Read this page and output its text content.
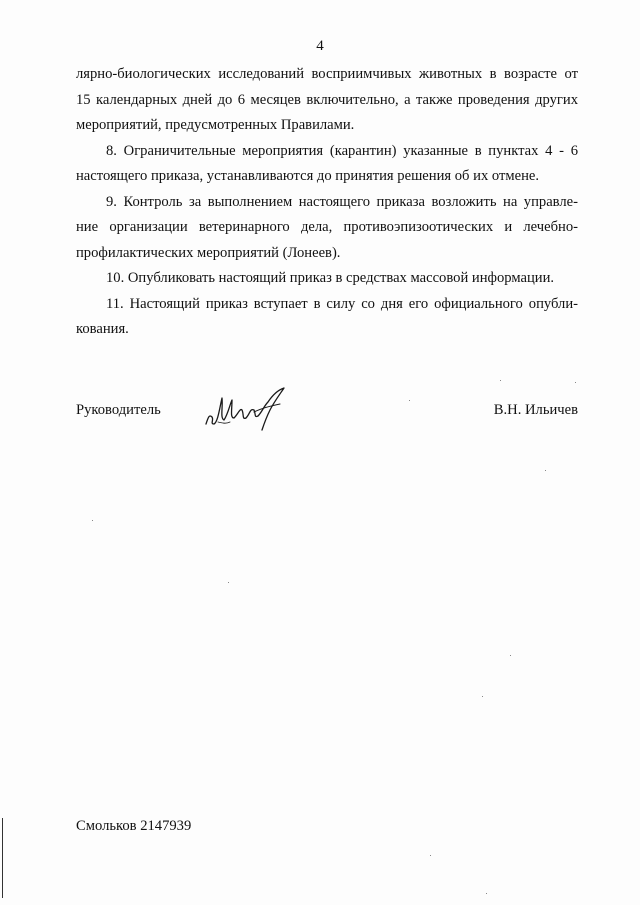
4

лярно-биологических исследований восприимчивых животных в возрасте от
15 календарных дней до 6 месяцев включительно, а также проведения других
мероприятий, предусмотренных Правилами.

8. Ограничительные мероприятия (карантин) указанные в пунктах 4 - 6
настоящего приказа, устанавливаются до принятия решения об их отмене.

9. Контроль за выполнением настоящего приказа возложить на управле-
ние организации ветеринарного дела, противоэпизоотических и лечебно-
профилактических мероприятий (Лонеев).

10. Опубликовать настоящий приказ в средствах массовой информации.

11. Настоящий приказ вступает в силу со дня его официального опубли-
кования.

Руководитель	В.Н. Ильичев
Смольков 2147939
